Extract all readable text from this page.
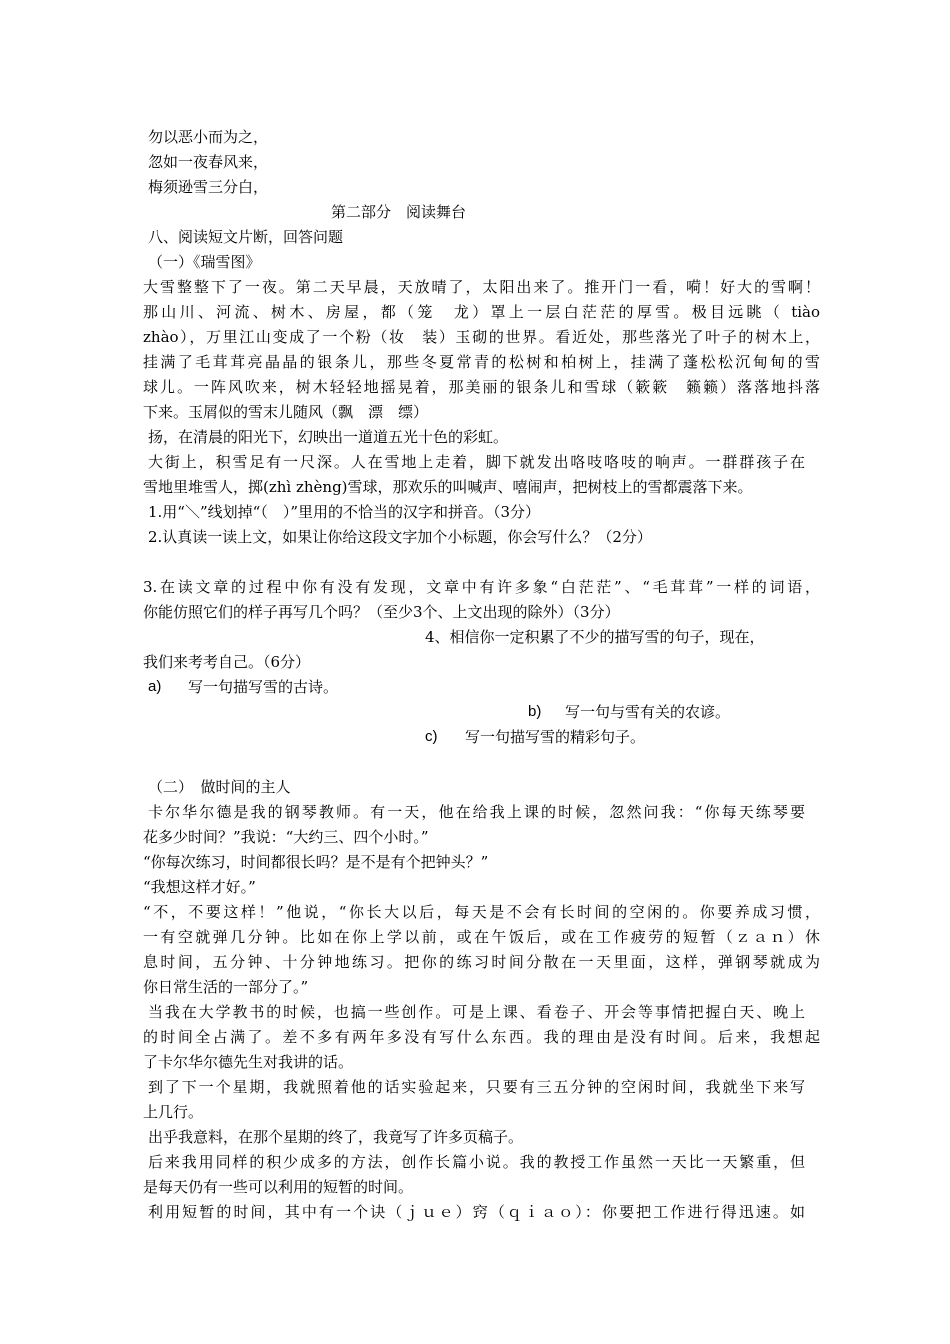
勿以恶小而为之，
忽如一夜春风来，
梅须逊雪三分白，
第二部分　阅读舞台
八、阅读短文片断，回答问题
（一）《瑞雪图》
大雪整整下了一夜。第二天早晨，天放晴了，太阳出来了。推开门一看，嗬！好大的雪啊！
那山川、河流、树木、房屋，都（笼　龙）罩上一层白茫茫的厚雪。极目远眺（ tiào
zhào），万里江山变成了一个粉（妆　装）玉砌的世界。看近处，那些落光了叶子的树木上，
挂满了毛茸茸亮晶晶的银条儿，那些冬夏常青的松树和柏树上，挂满了蓬松松沉甸甸的雪
球儿。一阵风吹来，树木轻轻地摇晃着，那美丽的银条儿和雪球（簌簌　籁籁）落落地抖落
下来。玉屑似的雪末儿随风（飘　漂　缥）
扬，在清晨的阳光下，幻映出一道道五光十色的彩虹。
大街上，积雪足有一尺深。人在雪地上走着，脚下就发出咯吱咯吱的响声。一群群孩子在
雪地里堆雪人，掷(zhì zhèng)雪球，那欢乐的叫喊声、嘻闹声，把树枝上的雪都震落下来。
1.用“＼”线划掉“（　）”里用的不恰当的汉字和拼音。（3分）
2.认真读一读上文，如果让你给这段文字加个小标题，你会写什么？（2分）
3.在读文章的过程中你有没有发现，文章中有许多象“白茫茫”、“毛茸茸”一样的词语，
你能仿照它们的样子再写几个吗？（至少3个、上文出现的除外）（3分）
4、相信你一定积累了不少的描写雪的句子，现在，
我们来考考自己。（6分）
a) 写一句描写雪的古诗。
b) 写一句与雪有关的农谚。
c) 写一句描写雪的精彩句子。
（二）　做时间的主人
卡尔华尔德是我的钢琴教师。有一天，他在给我上课的时候，忽然问我：“你每天练琴要
花多少时间？”我说：“大约三、四个小时。”
“你每次练习，时间都很长吗？是不是有个把钟头？”
“我想这样才好。”
“不，不要这样！”他说，“你长大以后，每天是不会有长时间的空闲的。你要养成习惯，
一有空就弹几分钟。比如在你上学以前，或在午饭后，或在工作疲劳的短暂（ｚａｎ）休
息时间，五分钟、十分钟地练习。把你的练习时间分散在一天里面，这样，弹钢琴就成为
你日常生活的一部分了。”
当我在大学教书的时候，也搞一些创作。可是上课、看卷子、开会等事情把握白天、晚上
的时间全占满了。差不多有两年多没有写什么东西。我的理由是没有时间。后来，我想起
了卡尔华尔德先生对我讲的话。
到了下一个星期，我就照着他的话实验起来，只要有三五分钟的空闲时间，我就坐下来写
上几行。
出乎我意料，在那个星期的终了，我竟写了许多页稿子。
后来我用同样的积少成多的方法，创作长篇小说。我的教授工作虽然一天比一天繁重，但
是每天仍有一些可以利用的短暂的时间。
利用短暂的时间，其中有一个诀（ｊｕｅ）窍（ｑｉａｏ）：你要把工作进行得迅速。如
